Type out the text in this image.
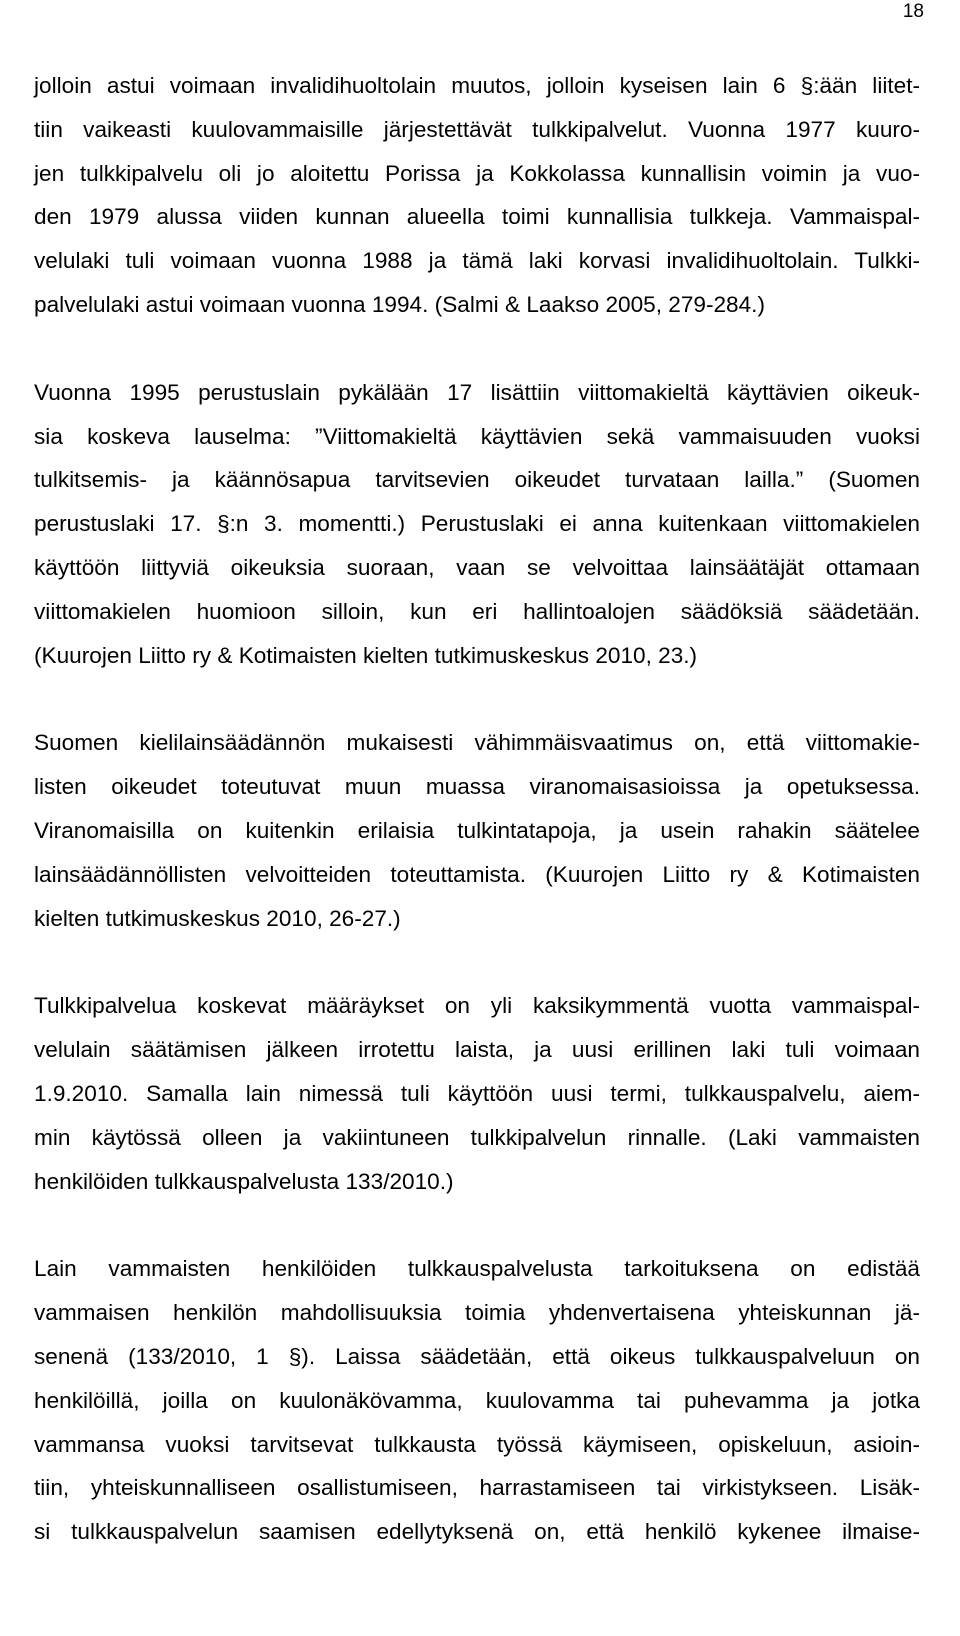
18

jolloin astui voimaan invalidihuoltolain muutos, jolloin kyseisen lain 6 §:ään liitet-
tiin vaikeasti kuulovammaisille järjestettävät tulkkipalvelut. Vuonna 1977 kuuro-
jen tulkkipalvelu oli jo aloitettu Porissa ja Kokkolassa kunnallisin voimin ja vuo-
den 1979 alussa viiden kunnan alueella toimi kunnallisia tulkkeja. Vammaispal-
velulaki tuli voimaan vuonna 1988 ja tämä laki korvasi invalidihuoltolain. Tulkki-
palvelulaki astui voimaan vuonna 1994. (Salmi & Laakso 2005, 279-284.)

Vuonna 1995 perustuslain pykälään 17 lisättiin viittomakieltä käyttävien oikeuk-
sia koskeva lauselma: ”Viittomakieltä käyttävien sekä vammaisuuden vuoksi
tulkitsemis- ja käännösapua tarvitsevien oikeudet turvataan lailla.” (Suomen
perustuslaki 17. §:n 3. momentti.) Perustuslaki ei anna kuitenkaan viittomakielen
käyttöön liittyviä oikeuksia suoraan, vaan se velvoittaa lainsäätäjät ottamaan
viittomakielen huomioon silloin, kun eri hallintoalojen säädöksiä säädetään.
(Kuurojen Liitto ry & Kotimaisten kielten tutkimuskeskus 2010, 23.)

Suomen kielilainsäädännön mukaisesti vähimmäisvaatimus on, että viittomakie-
listen oikeudet toteutuvat muun muassa viranomaisasioissa ja opetuksessa.
Viranomaisilla on kuitenkin erilaisia tulkintatapoja, ja usein rahakin säätelee
lainsäädännöllisten velvoitteiden toteuttamista. (Kuurojen Liitto ry & Kotimaisten
kielten tutkimuskeskus 2010, 26-27.)

Tulkkipalvelua koskevat määräykset on yli kaksikymmentä vuotta vammaispal-
velulain säätämisen jälkeen irrotettu laista, ja uusi erillinen laki tuli voimaan
1.9.2010. Samalla lain nimessä tuli käyttöön uusi termi, tulkkauspalvelu, aiem-
min käytössä olleen ja vakiintuneen tulkkipalvelun rinnalle. (Laki vammaisten
henkilöiden tulkkauspalvelusta 133/2010.)

Lain vammaisten henkilöiden tulkkauspalvelusta tarkoituksena on edistää
vammaisen henkilön mahdollisuuksia toimia yhdenvertaisena yhteiskunnan jä-
senenä (133/2010, 1 §). Laissa säädetään, että oikeus tulkkauspalveluun on
henkilöillä, joilla on kuulonäkövamma, kuulovamma tai puhevamma ja jotka
vammansa vuoksi tarvitsevat tulkkausta työssä käymiseen, opiskeluun, asioin-
tiin, yhteiskunnalliseen osallistumiseen, harrastamiseen tai virkistykseen. Lisäk-
si tulkkauspalvelun saamisen edellytyksenä on, että henkilö kykenee ilmaise-
